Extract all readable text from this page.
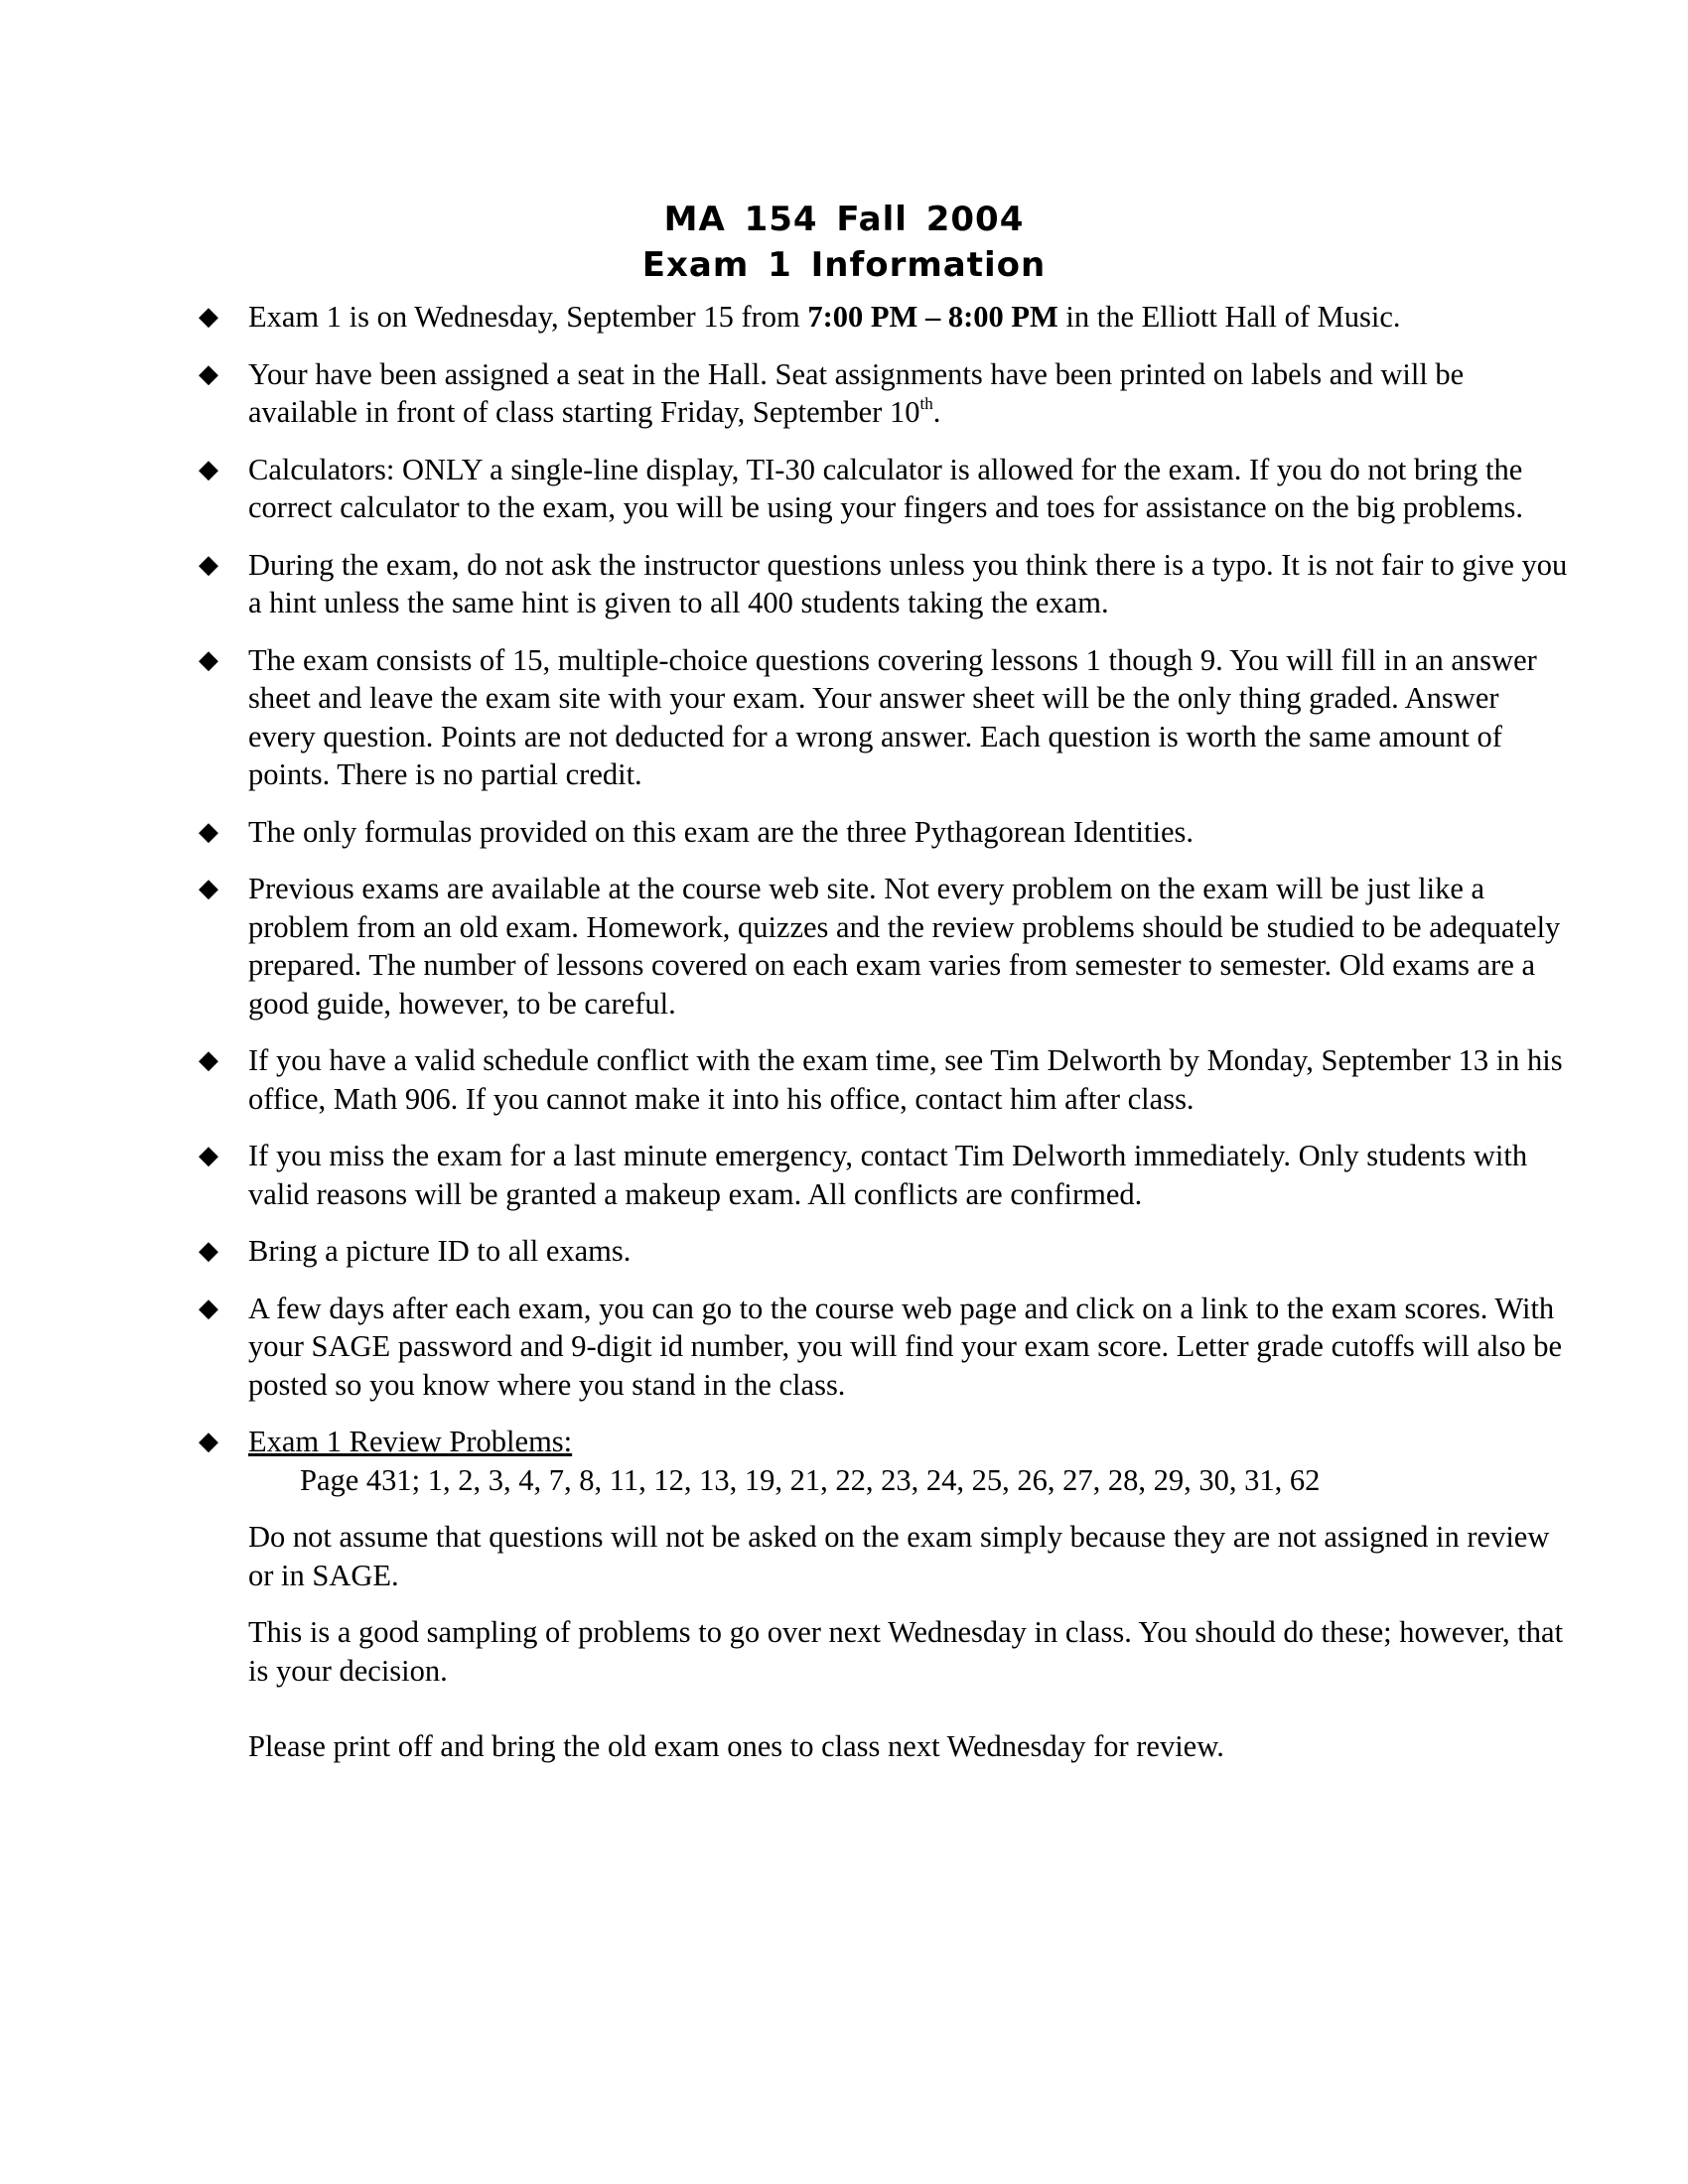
MA 154 Fall 2004
Exam 1 Information
◆ Exam 1 is on Wednesday, September 15 from 7:00 PM – 8:00 PM in the Elliott Hall of Music.
◆ Your have been assigned a seat in the Hall. Seat assignments have been printed on labels and will be available in front of class starting Friday, September 10th.
◆ Calculators: ONLY a single-line display, TI-30 calculator is allowed for the exam. If you do not bring the correct calculator to the exam, you will be using your fingers and toes for assistance on the big problems.
◆ During the exam, do not ask the instructor questions unless you think there is a typo. It is not fair to give you a hint unless the same hint is given to all 400 students taking the exam.
◆ The exam consists of 15, multiple-choice questions covering lessons 1 though 9. You will fill in an answer sheet and leave the exam site with your exam. Your answer sheet will be the only thing graded. Answer every question. Points are not deducted for a wrong answer. Each question is worth the same amount of points. There is no partial credit.
◆ The only formulas provided on this exam are the three Pythagorean Identities.
◆ Previous exams are available at the course web site. Not every problem on the exam will be just like a problem from an old exam. Homework, quizzes and the review problems should be studied to be adequately prepared. The number of lessons covered on each exam varies from semester to semester. Old exams are a good guide, however, to be careful.
◆ If you have a valid schedule conflict with the exam time, see Tim Delworth by Monday, September 13 in his office, Math 906. If you cannot make it into his office, contact him after class.
◆ If you miss the exam for a last minute emergency, contact Tim Delworth immediately. Only students with valid reasons will be granted a makeup exam. All conflicts are confirmed.
◆ Bring a picture ID to all exams.
◆ A few days after each exam, you can go to the course web page and click on a link to the exam scores. With your SAGE password and 9-digit id number, you will find your exam score. Letter grade cutoffs will also be posted so you know where you stand in the class.
◆ Exam 1 Review Problems:
Page 431; 1, 2, 3, 4, 7, 8, 11, 12, 13, 19, 21, 22, 23, 24, 25, 26, 27, 28, 29, 30, 31, 62
Do not assume that questions will not be asked on the exam simply because they are not assigned in review or in SAGE.
This is a good sampling of problems to go over next Wednesday in class. You should do these; however, that is your decision.
Please print off and bring the old exam ones to class next Wednesday for review.
